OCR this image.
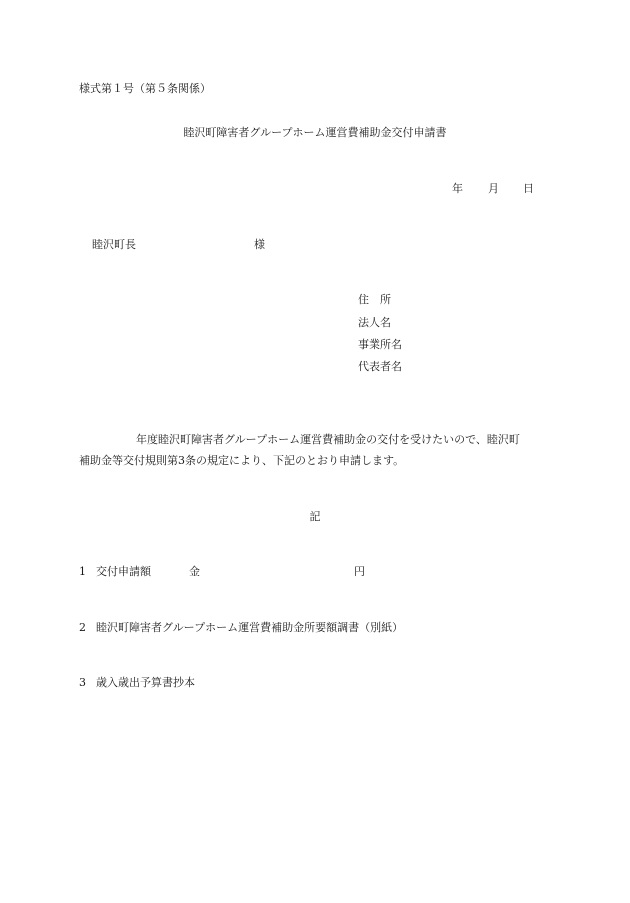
様式第１号（第５条関係）
睦沢町障害者グループホーム運営費補助金交付申請書
年 月 日
睦沢町長	様
住　所
法人名
事業所名
代表者名
年度睦沢町障害者グループホーム運営費補助金の交付を受けたいので、睦沢町
補助金等交付規則第3条の規定により、下記のとおり申請します。
記
1 交付申請額	金	円
2 睦沢町障害者グループホーム運営費補助金所要額調書（別紙）
3 歳入歳出予算書抄本
